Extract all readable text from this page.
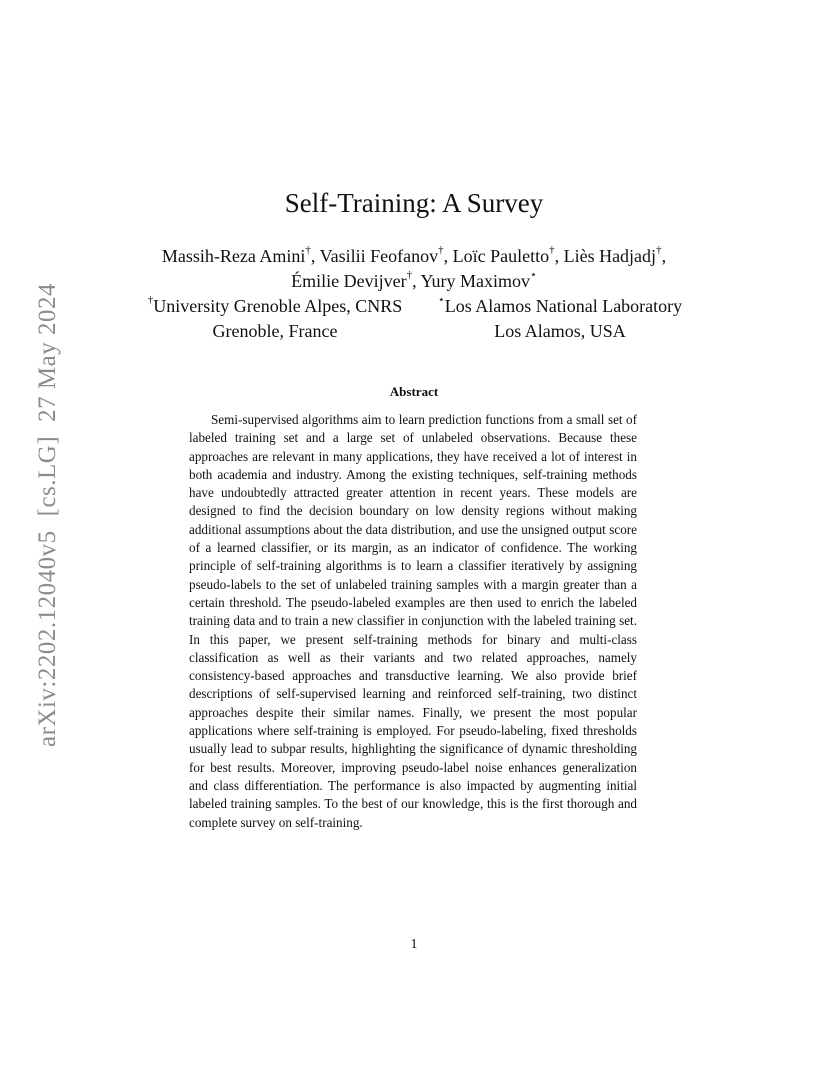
arXiv:2202.12040v5[cs.LG]27 May 2024
Self-Training: A Survey
Massih-Reza Amini†, Vasilii Feofanov†, Loïc Pauletto†, Liès Hadjadj†,
Émilie Devijver†, Yury Maximov⋆
†University Grenoble Alpes, CNRS	⋆Los Alamos National Laboratory
Grenoble, France	Los Alamos, USA
Abstract
Semi-supervised algorithms aim to learn prediction functions from a small set of labeled training set and a large set of unlabeled observations. Because these approaches are relevant in many applications, they have received a lot of interest in both academia and industry. Among the existing techniques, self-training methods have undoubtedly attracted greater attention in recent years. These models are designed to find the decision boundary on low density regions without making additional assumptions about the data distribution, and use the unsigned output score of a learned classifier, or its margin, as an indicator of confidence. The working principle of self-training algorithms is to learn a classifier iteratively by assigning pseudo-labels to the set of unlabeled training samples with a margin greater than a certain threshold. The pseudo-labeled examples are then used to enrich the labeled training data and to train a new classifier in conjunction with the labeled training set. In this paper, we present self-training methods for binary and multi-class classification as well as their variants and two related approaches, namely consistency-based approaches and transductive learning. We also provide brief descriptions of self-supervised learning and reinforced self-training, two distinct approaches despite their similar names. Finally, we present the most popular applications where self-training is employed. For pseudo-labeling, fixed thresholds usually lead to subpar results, highlighting the significance of dynamic thresholding for best results. Moreover, improving pseudo-label noise enhances generalization and class differentiation. The performance is also impacted by augmenting initial labeled training samples. To the best of our knowledge, this is the first thorough and complete survey on self-training.
1
